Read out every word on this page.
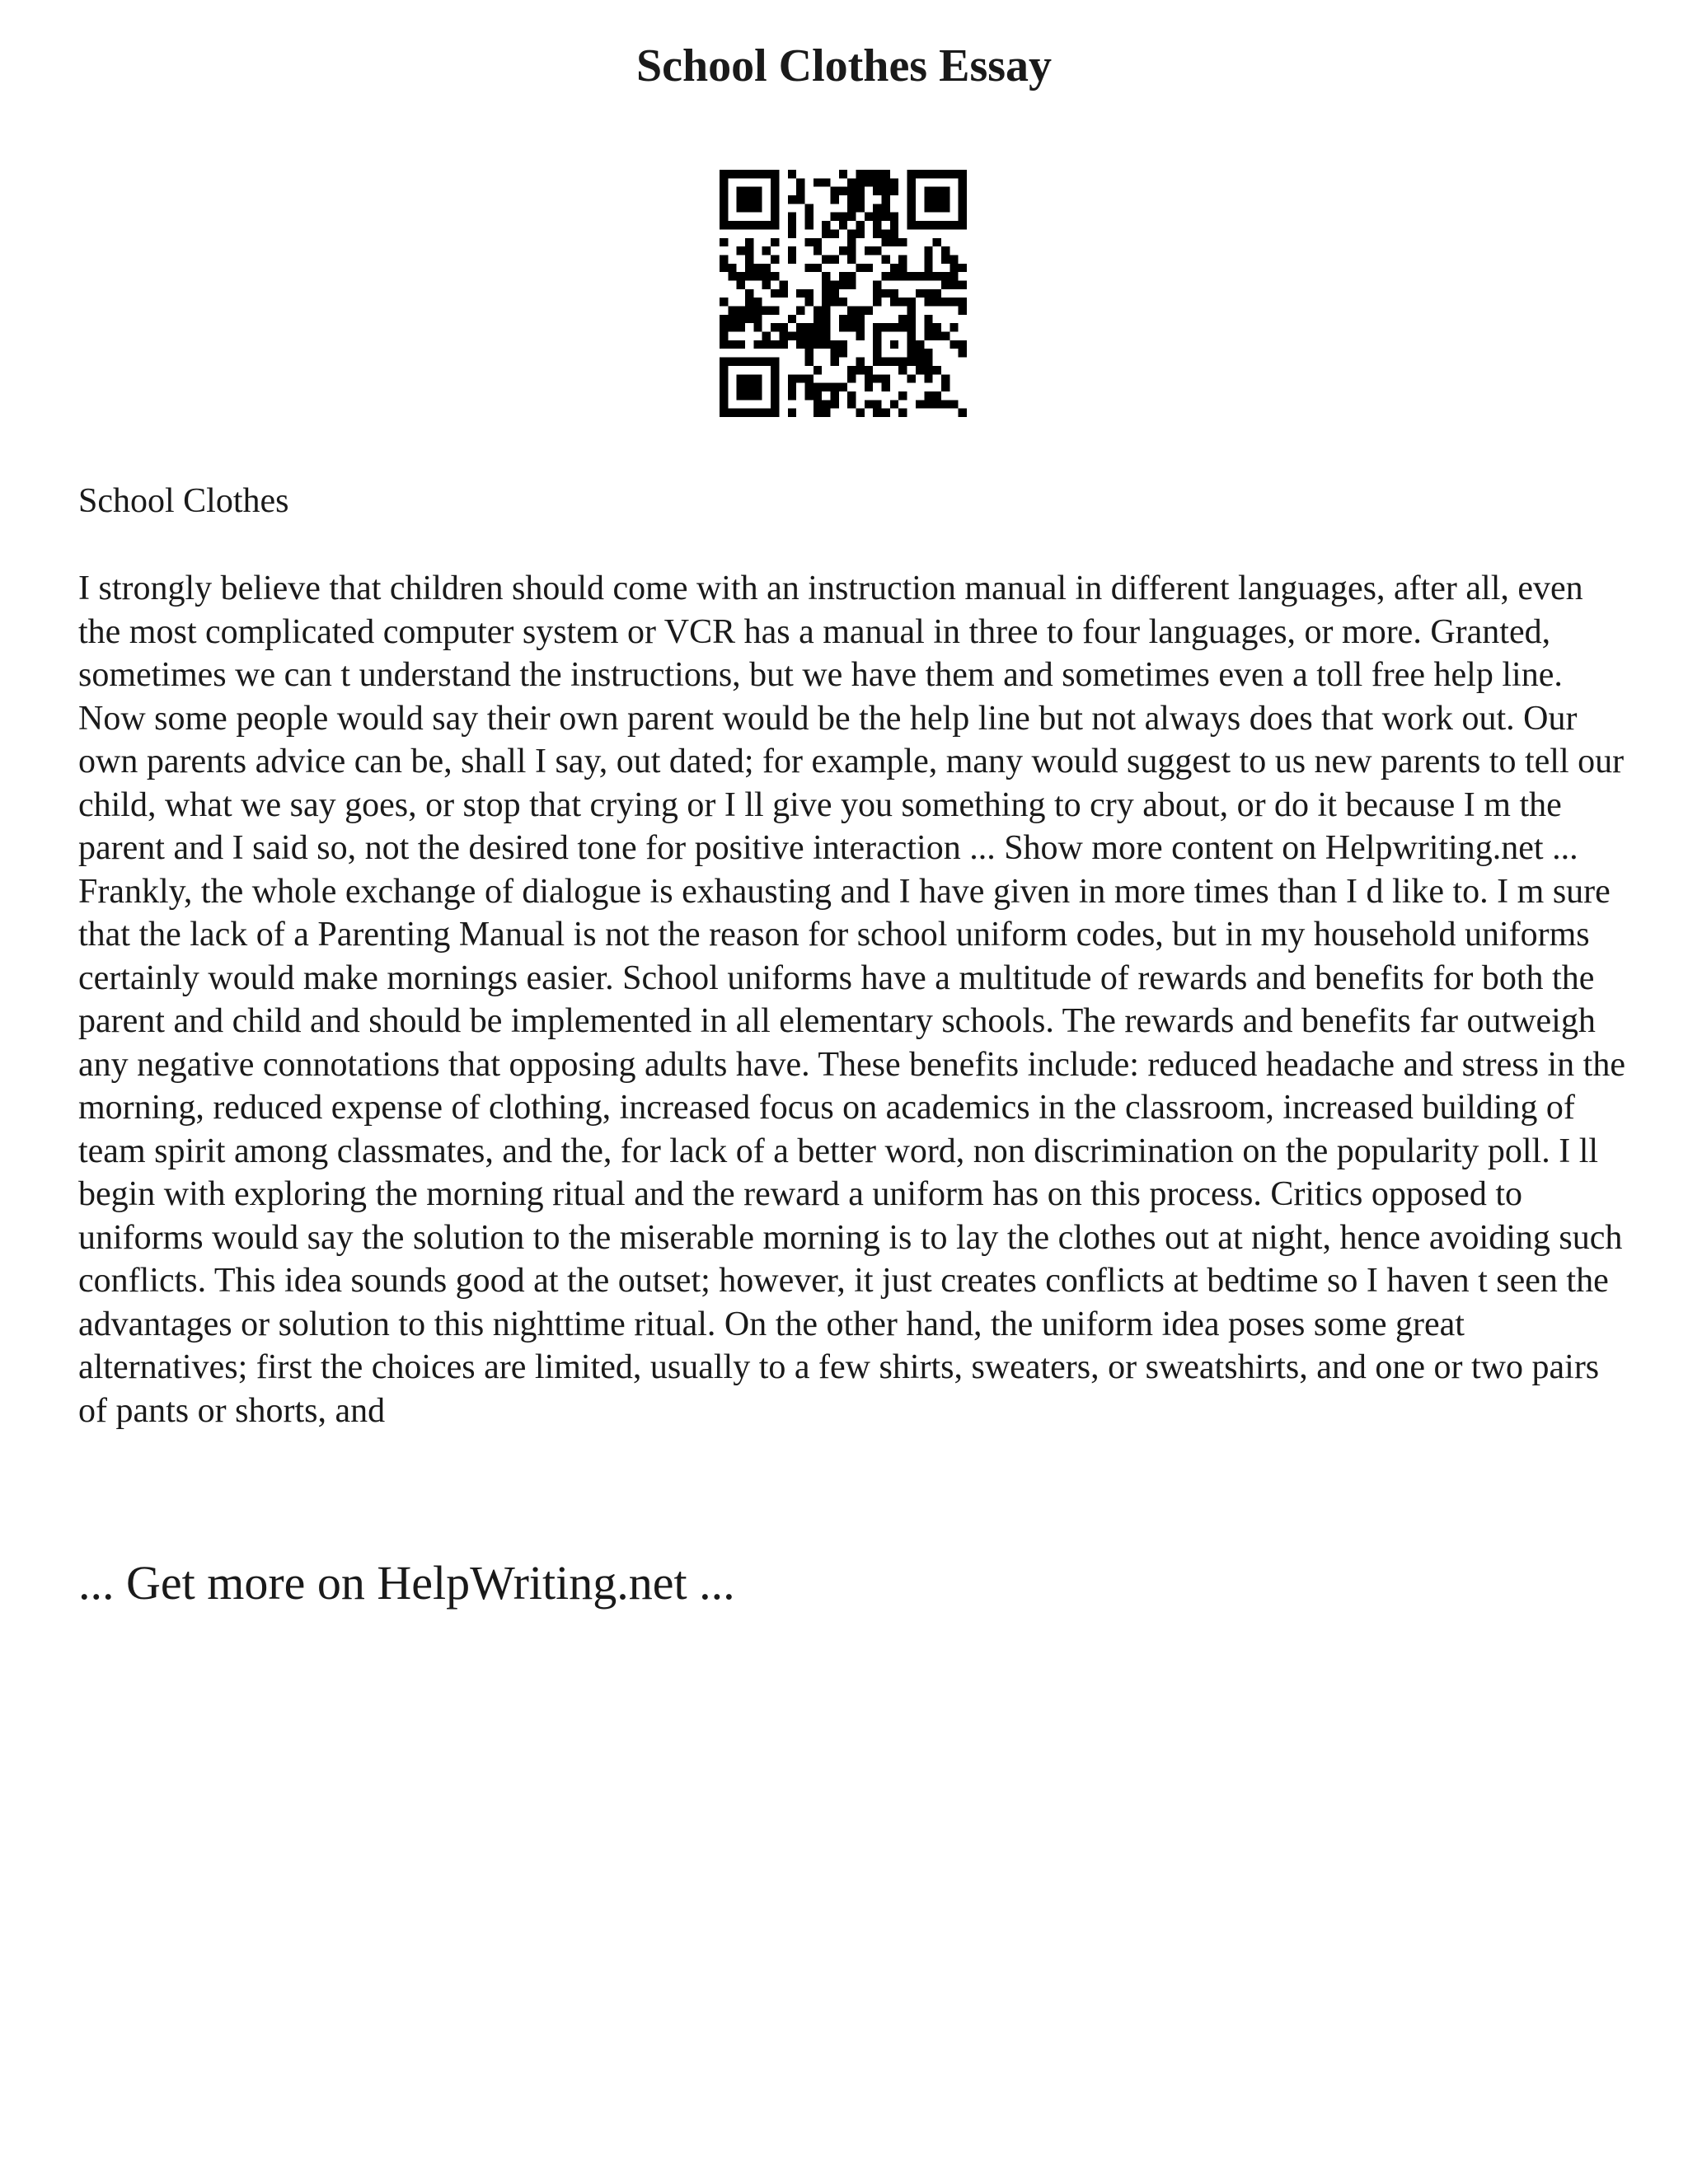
School Clothes Essay
School Clothes

I strongly believe that children should come with an instruction manual in different languages, after all, even the most complicated computer system or VCR has a manual in three to four languages, or more. Granted, sometimes we can t understand the instructions, but we have them and sometimes even a toll free help line. Now some people would say their own parent would be the help line but not always does that work out. Our own parents advice can be, shall I say, out dated; for example, many would suggest to us new parents to tell our child, what we say goes, or stop that crying or I ll give you something to cry about, or do it because I m the parent and I said so, not the desired tone for positive interaction ... Show more content on Helpwriting.net ...

Frankly, the whole exchange of dialogue is exhausting and I have given in more times than I d like to. I m sure that the lack of a Parenting Manual is not the reason for school uniform codes, but in my household uniforms certainly would make mornings easier. School uniforms have a multitude of rewards and benefits for both the parent and child and should be implemented in all elementary schools. The rewards and benefits far outweigh any negative connotations that opposing adults have. These benefits include: reduced headache and stress in the morning, reduced expense of clothing, increased focus on academics in the classroom, increased building of team spirit among classmates, and the, for lack of a better word, non discrimination on the popularity poll. I ll begin with exploring the morning ritual and the reward a uniform has on this process. Critics opposed to uniforms would say the solution to the miserable morning is to lay the clothes out at night, hence avoiding such conflicts. This idea sounds good at the outset; however, it just creates conflicts at bedtime so I haven t seen the advantages or solution to this nighttime ritual. On the other hand, the uniform idea poses some great alternatives; first the choices are limited, usually to a few shirts, sweaters, or sweatshirts, and one or two pairs of pants or shorts, and

... Get more on HelpWriting.net ...
